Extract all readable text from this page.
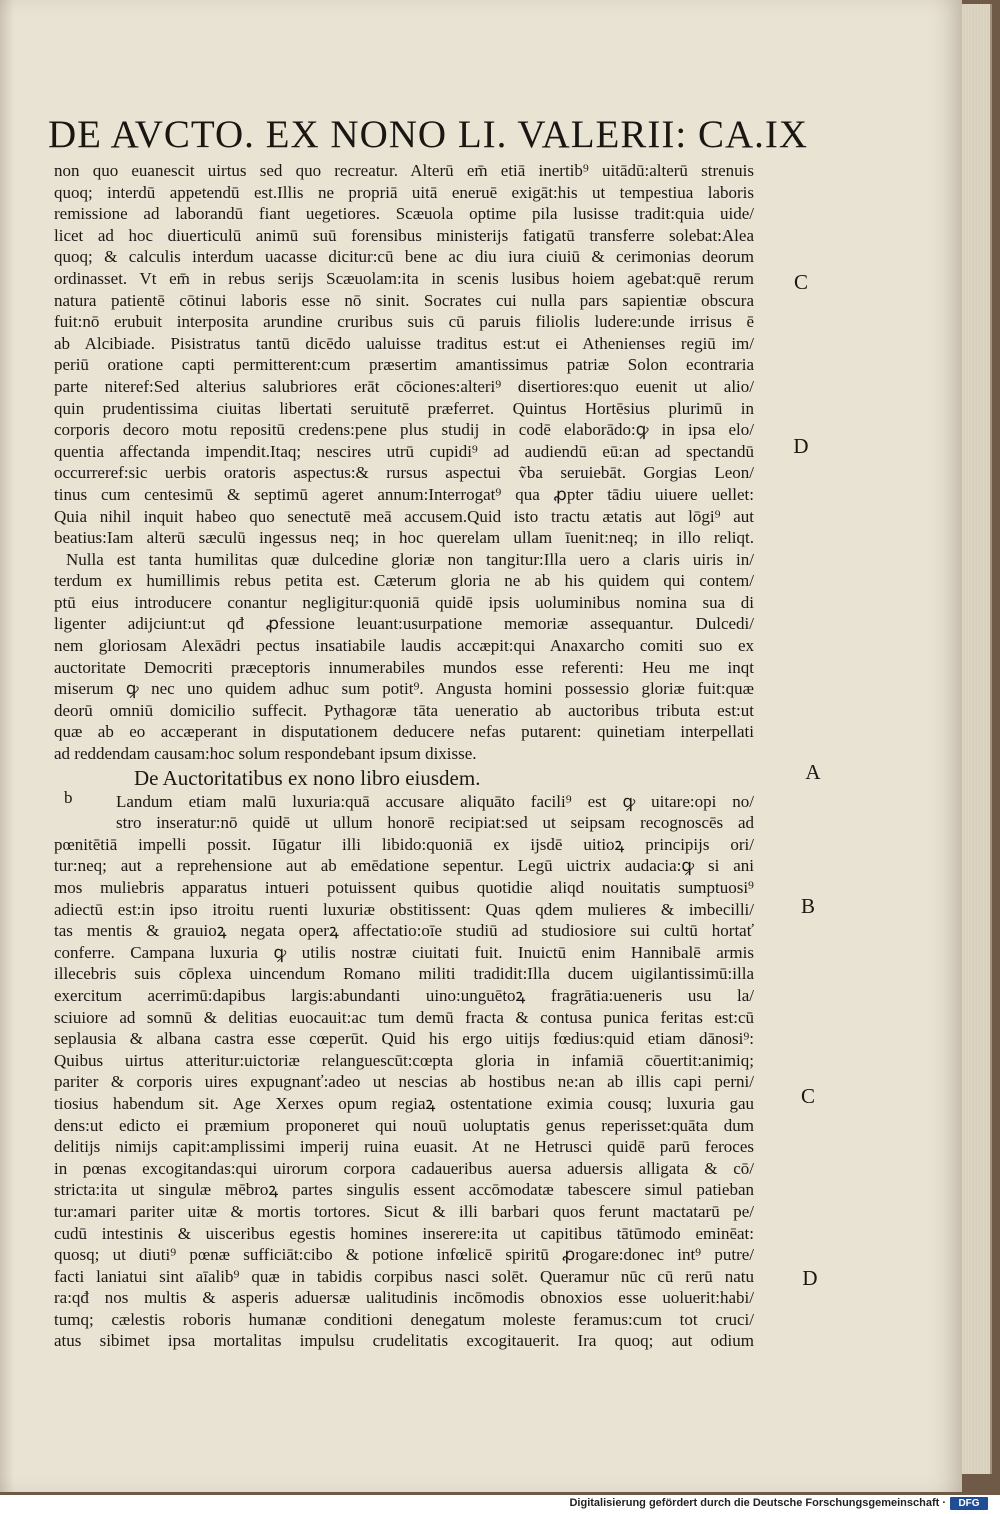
DE AVCTO. EX NONO LI. VALERII: CA.IX
non quo euanescit uirtus sed quo recreatur. Alterū em̄ etiā inertib⁹ uitādū:alterū strenuis
quoq; interdū appetendū est.Illis ne propriā uitā eneruē exigāt:his ut tempestiua laboris
remissione ad laborandū fiant uegetiores. Scæuola optime pila lusisse tradit:quia uide/
licet ad hoc diuerticulū animū suū forensibus ministerijs fatigatū transferre solebat:Alea
quoq; & calculis interdum uacasse dicitur:cū bene ac diu iura ciuiū & cerimonias deorum
ordinasset. Vt em̄ in rebus serijs Scæuolam:ita in scenis lusibus hoiem agebat:quē rerum
natura patientē cōtinui laboris esse nō sinit. Socrates cui nulla pars sapientiæ obscura
fuit:nō erubuit interposita arundine cruribus suis cū paruis filiolis ludere:unde irrisus ē
ab Alcibiade. Pisistratus tantū dicēdo ualuisse traditus est:ut ei Athenienses regiū im/
periū oratione capti permitterent:cum præsertim amantissimus patriæ Solon econtraria
parte niteref:Sed alterius salubriores erāt cōciones:alteri⁹ disertiores:quo euenit ut alio/
quin prudentissima ciuitas libertati seruitutē præferret. Quintus Hortēsius plurimū in
corporis decoro motu repositū credens:pene plus studij in codē elaborādo:ꝙ in ipsa elo/
quentia affectanda impendit.Itaq; nescires utrū cupidi⁹ ad audiendū eū:an ad spectandū
occurreref:sic uerbis oratoris aspectus:& rursus aspectui ṽba seruiebāt. Gorgias Leon/
tinus cum centesimū & septimū ageret annum:Interrogat⁹ qua ꝓpter tādiu uiuere uellet:
Quia nihil inquit habeo quo senectutē meā accusem.Quid isto tractu ætatis aut lōgi⁹ aut
beatius:Iam alterū sæculū ingessus neq; in hoc querelam ullam īuenit:neq; in illo reliqt.
Nulla est tanta humilitas quæ dulcedine gloriæ non tangitur:Illa uero a claris uiris in/
terdum ex humillimis rebus petita est. Cæterum gloria ne ab his quidem qui contem/
ptū eius introducere conantur negligitur:quoniā quidē ipsis uoluminibus nomina sua di
ligenter adijciunt:ut qđ ꝓfessione leuant:usurpatione memoriæ assequantur. Dulcedi/
nem gloriosam Alexādri pectus insatiabile laudis accæpit:qui Anaxarcho comiti suo ex
auctoritate Democriti præceptoris innumerabiles mundos esse referenti: Heu me inqt
miserum ꝙ nec uno quidem adhuc sum potit⁹. Angusta homini possessio gloriæ fuit:quæ
deorū omniū domicilio suffecit. Pythagoræ tāta ueneratio ab auctoribus tributa est:ut
quæ ab eo accæperant in disputationem deducere nefas putarent: quinetiam interpellati
ad reddendam causam:hoc solum respondebant ipsum dixisse.
De Auctoritatibus ex nono libro eiusdem.
Landum etiam malū luxuria:quā accusare aliquāto facili⁹ est ꝙ uitare:opi no/
stro inseratur:nō quidē ut ullum honorē recipiat:sed ut seipsam recognoscēs ad
pœnitētiā impelli possit. Iūgatur illi libido:quoniā ex ijsdē uitioꝝ principijs ori/
tur:neq; aut a reprehensione aut ab emēdatione sepentur. Legū uictrix audacia:ꝙ si ani
mos muliebris apparatus intueri potuissent quibus quotidie aliqd nouitatis sumptuosi⁹
adiectū est:in ipso itroitu ruenti luxuriæ obstitissent: Quas qdem mulieres & imbecilli/
tas mentis & grauioꝝ negata operꝝ affectatio:oīe studiū ad studiosiore sui cultū hortať
conferre. Campana luxuria ꝙ utilis nostræ ciuitati fuit. Inuictū enim Hannibalē armis
illecebris suis cōplexa uincendum Romano militi tradidit:Illa ducem uigilantissimū:illa
exercitum acerrimū:dapibus largis:abundanti uino:unguētoꝝ fragrātia:ueneris usu la/
sciuiore ad somnū & delitias euocauit:ac tum demū fracta & contusa punica feritas est:cū
seplausia & albana castra esse cœperūt. Quid his ergo uitijs fœdius:quid etiam dānosi⁹:
Quibus uirtus atteritur:uictoriæ relanguescūt:cœpta gloria in infamiā cōuertit:animiq;
pariter & corporis uires expugnanť:adeo ut nescias ab hostibus ne:an ab illis capi perni/
tiosius habendum sit. Age Xerxes opum regiaꝝ ostentatione eximia cousq; luxuria gau
dens:ut edicto ei præmium proponeret qui nouū uoluptatis genus reperisset:quāta dum
delitijs nimijs capit:amplissimi imperij ruina euasit. At ne Hetrusci quidē parū feroces
in pœnas excogitandas:qui uirorum corpora cadaueribus auersa aduersis alligata & cō/
stricta:ita ut singulæ mēbroꝝ partes singulis essent accōmodatæ tabescere simul patieban
tur:amari pariter uitæ & mortis tortores. Sicut & illi barbari quos ferunt mactatarū pe/
cudū intestinis & uisceribus egestis homines inserere:ita ut capitibus tātūmodo eminēat:
quosq; ut diuti⁹ pœnæ sufficiāt:cibo & potione infœlicē spiritū ꝓrogare:donec int⁹ putre/
facti laniatui sint aīalib⁹ quæ in tabidis corpibus nasci solēt. Queramur nūc cū rerū natu
ra:qđ nos multis & asperis aduersæ ualitudinis incōmodis obnoxios esse uoluerit:habi/
tumq; cælestis roboris humanæ conditioni denegatum moleste feramus:cum tot cruci/
atus sibimet ipsa mortalitas impulsu crudelitatis excogitauerit. Ira quoq; aut odium
C
D
A
B
C
D
b
Digitalisierung gefördert durch die Deutsche Forschungsgemeinschaft ·	DFG
